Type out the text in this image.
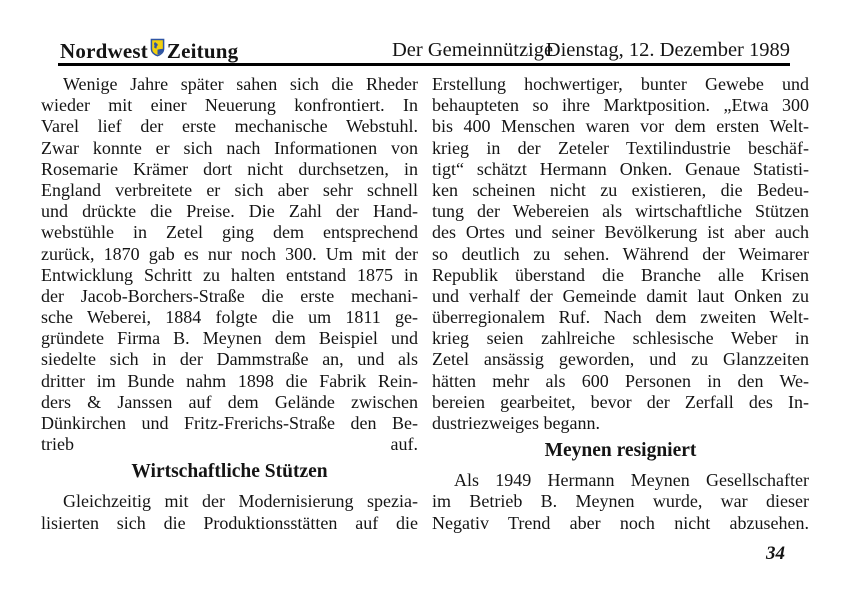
Nordwest Zeitung	Der Gemeinnützige
Dienstag, 12. Dezember 1989
Wenige Jahre später sahen sich die Rheder
wieder mit einer Neuerung konfrontiert. In
Varel lief der erste mechanische Webstuhl.
Zwar konnte er sich nach Informationen von
Rosemarie Krämer dort nicht durchsetzen, in
England verbreitete er sich aber sehr schnell
und drückte die Preise. Die Zahl der Hand-
webstühle in Zetel ging dem entsprechend
zurück, 1870 gab es nur noch 300. Um mit der
Entwicklung Schritt zu halten entstand 1875 in
der Jacob-Borchers-Straße die erste mechani-
sche Weberei, 1884 folgte die um 1811 ge-
gründete Firma B. Meynen dem Beispiel und
siedelte sich in der Dammstraße an, und als
dritter im Bunde nahm 1898 die Fabrik Rein-
ders & Janssen auf dem Gelände zwischen
Dünkirchen und Fritz-Frerichs-Straße den Be-
trieb auf.
Wirtschaftliche Stützen
Gleichzeitig mit der Modernisierung spezia-
lisierten sich die Produktionsstätten auf die
Erstellung hochwertiger, bunter Gewebe und
behaupteten so ihre Marktposition. „Etwa 300
bis 400 Menschen waren vor dem ersten Welt-
krieg in der Zeteler Textilindustrie beschäf-
tigt“ schätzt Hermann Onken. Genaue Statisti-
ken scheinen nicht zu existieren, die Bedeu-
tung der Webereien als wirtschaftliche Stützen
des Ortes und seiner Bevölkerung ist aber auch
so deutlich zu sehen. Während der Weimarer
Republik überstand die Branche alle Krisen
und verhalf der Gemeinde damit laut Onken zu
überregionalem Ruf. Nach dem zweiten Welt-
krieg seien zahlreiche schlesische Weber in
Zetel ansässig geworden, und zu Glanzzeiten
hätten mehr als 600 Personen in den We-
bereien gearbeitet, bevor der Zerfall des In-
dustriezweiges begann.
Meynen resigniert
Als 1949 Hermann Meynen Gesellschafter
im Betrieb B. Meynen wurde, war dieser
Negativ Trend aber noch nicht abzusehen.
34
